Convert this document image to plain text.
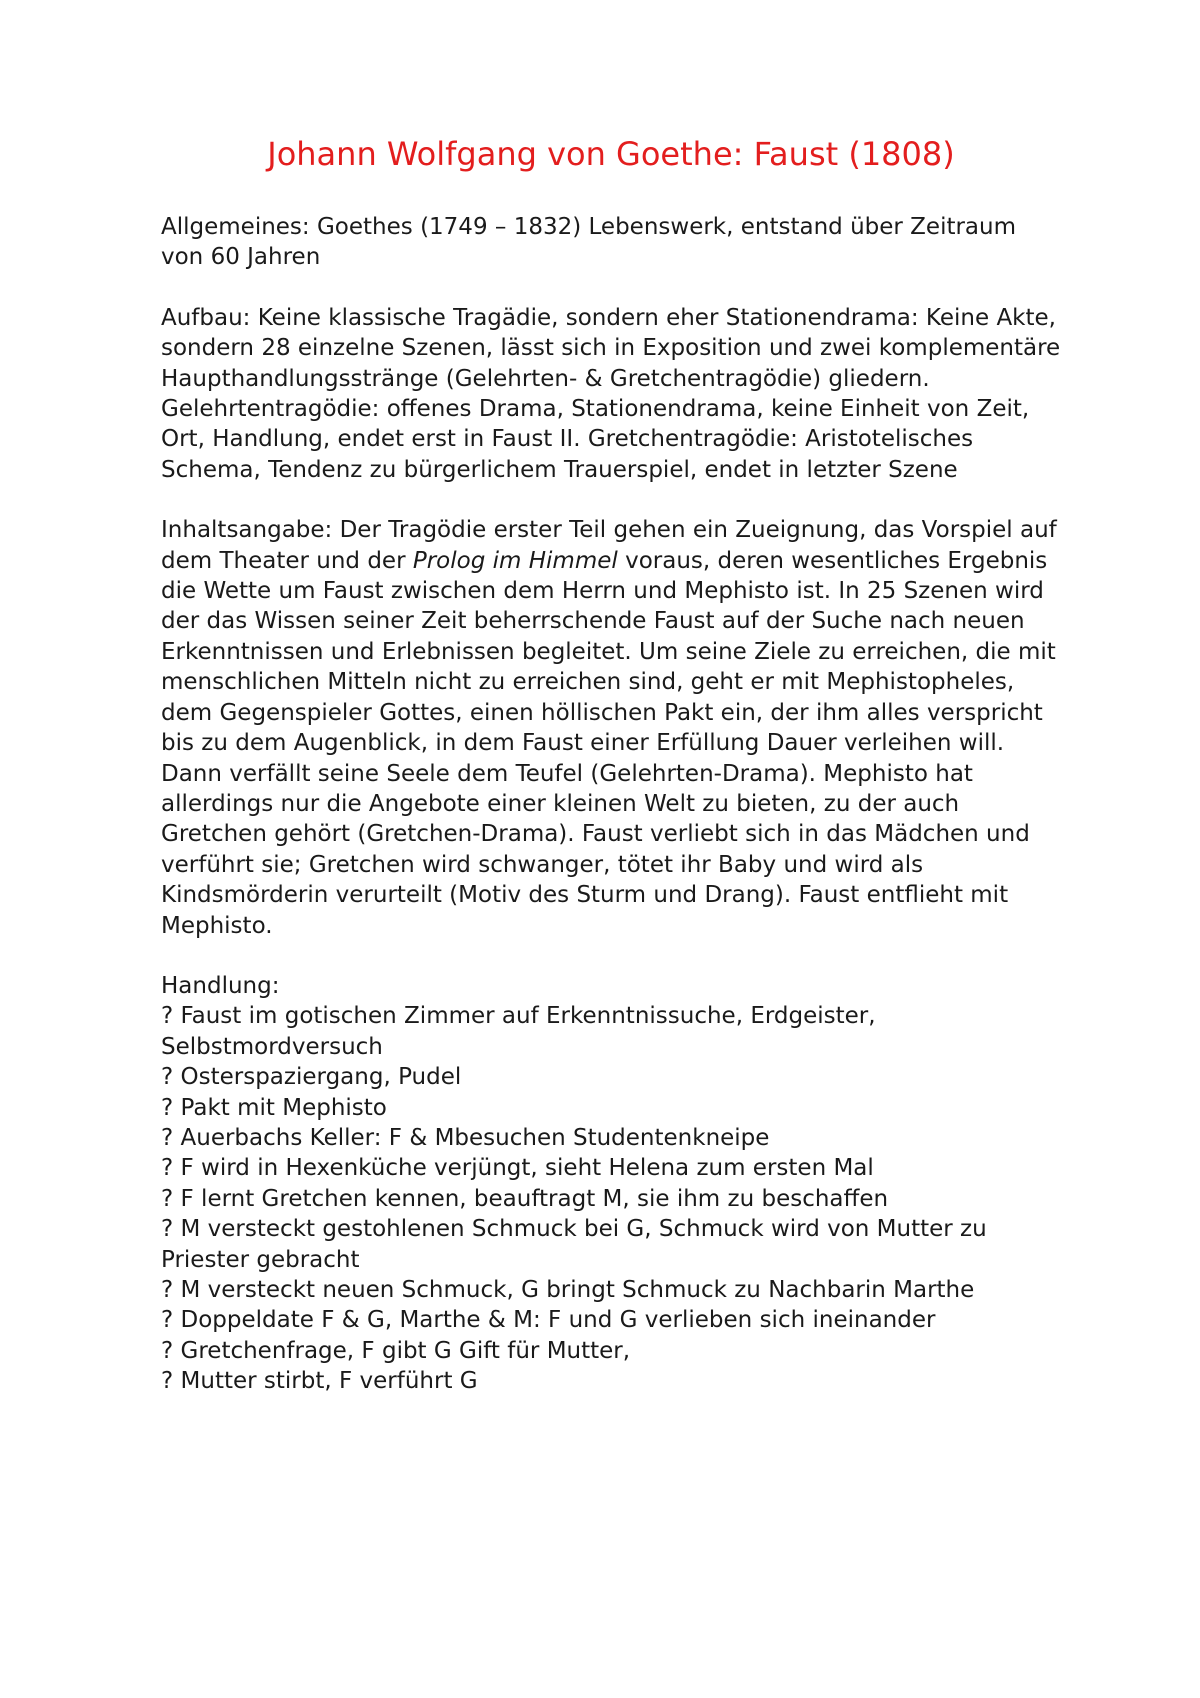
Johann Wolfgang von Goethe: Faust (1808)

Allgemeines: Goethes (1749 – 1832) Lebenswerk, entstand über Zeitraum von 60 Jahren

Aufbau: Keine klassische Tragädie, sondern eher Stationendrama: Keine Akte, sondern 28 einzelne Szenen, lässt sich in Exposition und zwei komplementäre Haupthandlungsstränge (Gelehrten- & Gretchentragödie) gliedern. Gelehrtentragödie: offenes Drama, Stationendrama, keine Einheit von Zeit, Ort, Handlung, endet erst in Faust II. Gretchentragödie: Aristotelisches Schema, Tendenz zu bürgerlichem Trauerspiel, endet in letzter Szene

Inhaltsangabe: Der Tragödie erster Teil gehen ein Zueignung, das Vorspiel auf dem Theater und der Prolog im Himmel voraus, deren wesentliches Ergebnis die Wette um Faust zwischen dem Herrn und Mephisto ist. In 25 Szenen wird der das Wissen seiner Zeit beherrschende Faust auf der Suche nach neuen Erkenntnissen und Erlebnissen begleitet. Um seine Ziele zu erreichen, die mit menschlichen Mitteln nicht zu erreichen sind, geht er mit Mephistopheles, dem Gegenspieler Gottes, einen höllischen Pakt ein, der ihm alles verspricht bis zu dem Augenblick, in dem Faust einer Erfüllung Dauer verleihen will. Dann verfällt seine Seele dem Teufel (Gelehrten-Drama). Mephisto hat allerdings nur die Angebote einer kleinen Welt zu bieten, zu der auch Gretchen gehört (Gretchen-Drama). Faust verliebt sich in das Mädchen und verführt sie; Gretchen wird schwanger, tötet ihr Baby und wird als Kindsmörderin verurteilt (Motiv des Sturm und Drang). Faust entflieht mit Mephisto.

Handlung:

? Faust im gotischen Zimmer auf Erkenntnissuche, Erdgeister, Selbstmordversuch
? Osterspaziergang, Pudel
? Pakt mit Mephisto
? Auerbachs Keller: F & Mbesuchen Studentenkneipe
? F wird in Hexenküche verjüngt, sieht Helena zum ersten Mal
? F lernt Gretchen kennen, beauftragt M, sie ihm zu beschaffen
? M versteckt gestohlenen Schmuck bei G, Schmuck wird von Mutter zu Priester gebracht
? M versteckt neuen Schmuck, G bringt Schmuck zu Nachbarin Marthe
? Doppeldate F & G, Marthe & M: F und G verlieben sich ineinander
? Gretchenfrage, F gibt G Gift für Mutter,
? Mutter stirbt, F verführt G
